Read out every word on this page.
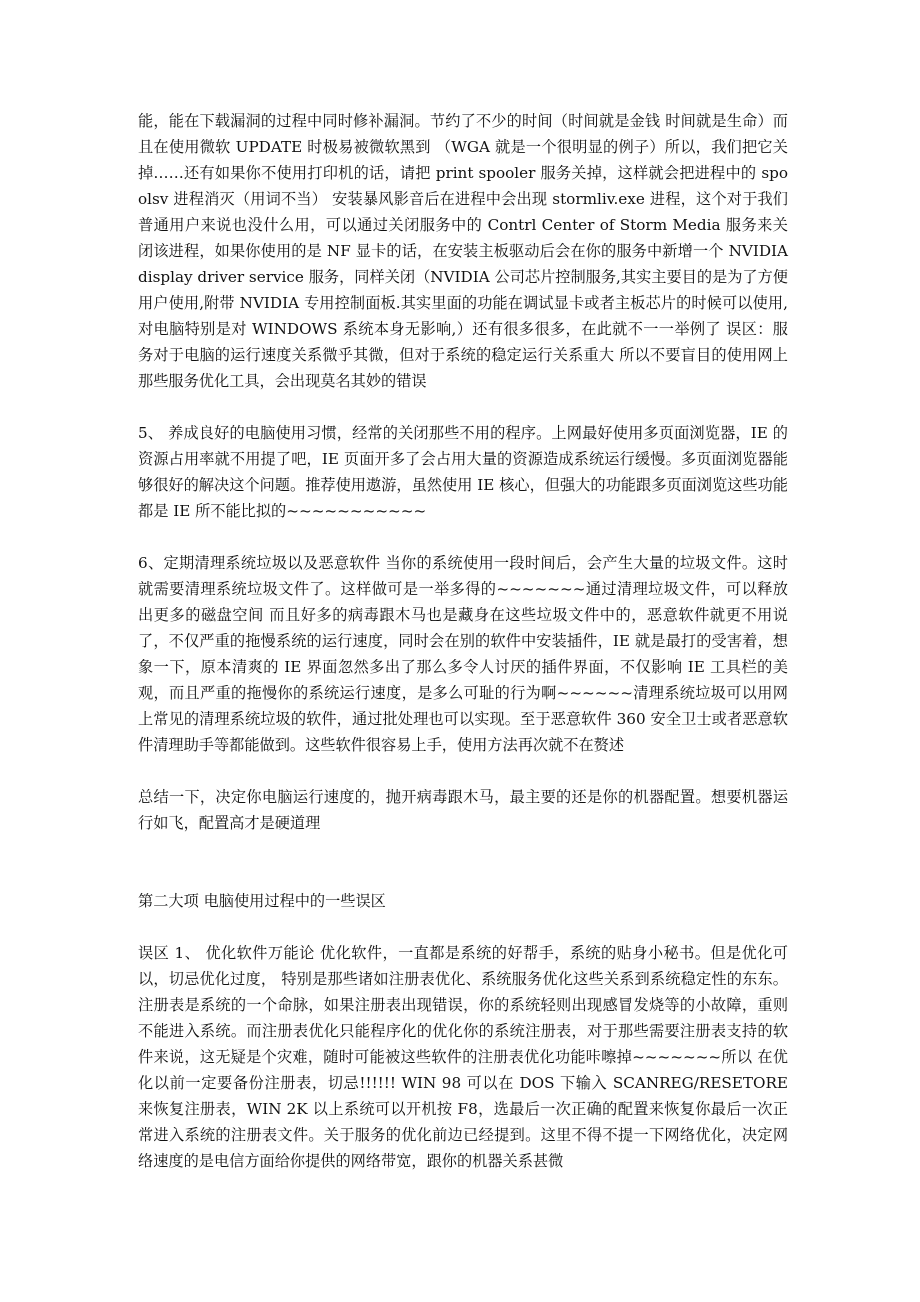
能，能在下载漏洞的过程中同时修补漏洞。节约了不少的时间（时间就是金钱 时间就是生命）而且在使用微软 UPDATE 时极易被微软黑到 （WGA 就是一个很明显的例子）所以，我们把它关掉……还有如果你不使用打印机的话，请把 print spooler 服务关掉，这样就会把进程中的 spoolsv 进程消灭（用词不当） 安装暴风影音后在进程中会出现 stormliv.exe 进程，这个对于我们普通用户来说也没什么用，可以通过关闭服务中的 Contrl Center of Storm Media 服务来关闭该进程，如果你使用的是 NF 显卡的话，在安装主板驱动后会在你的服务中新增一个 NVIDIA display driver service 服务，同样关闭（NVIDIA 公司芯片控制服务,其实主要目的是为了方便用户使用,附带 NVIDIA 专用控制面板.其实里面的功能在调试显卡或者主板芯片的时候可以使用,对电脑特别是对 WINDOWS 系统本身无影响,）还有很多很多，在此就不一一举例了 误区：服务对于电脑的运行速度关系微乎其微，但对于系统的稳定运行关系重大 所以不要盲目的使用网上那些服务优化工具，会出现莫名其妙的错误

5、 养成良好的电脑使用习惯，经常的关闭那些不用的程序。上网最好使用多页面浏览器，IE 的资源占用率就不用提了吧，IE 页面开多了会占用大量的资源造成系统运行缓慢。多页面浏览器能够很好的解决这个问题。推荐使用遨游，虽然使用 IE 核心，但强大的功能跟多页面浏览这些功能都是 IE 所不能比拟的~~~~~~~~~~~

6、定期清理系统垃圾以及恶意软件 当你的系统使用一段时间后，会产生大量的垃圾文件。这时就需要清理系统垃圾文件了。这样做可是一举多得的~~~~~~~通过清理垃圾文件，可以释放出更多的磁盘空间 而且好多的病毒跟木马也是藏身在这些垃圾文件中的，恶意软件就更不用说了，不仅严重的拖慢系统的运行速度，同时会在别的软件中安装插件，IE 就是最打的受害着，想象一下，原本清爽的 IE 界面忽然多出了那么多令人讨厌的插件界面，不仅影响 IE 工具栏的美观，而且严重的拖慢你的系统运行速度，是多么可耻的行为啊~~~~~~清理系统垃圾可以用网上常见的清理系统垃圾的软件，通过批处理也可以实现。至于恶意软件 360 安全卫士或者恶意软件清理助手等都能做到。这些软件很容易上手，使用方法再次就不在赘述

总结一下，决定你电脑运行速度的，抛开病毒跟木马，最主要的还是你的机器配置。想要机器运行如飞，配置高才是硬道理

第二大项 电脑使用过程中的一些误区

误区 1、 优化软件万能论 优化软件，一直都是系统的好帮手，系统的贴身小秘书。但是优化可以，切忌优化过度， 特别是那些诸如注册表优化、系统服务优化这些关系到系统稳定性的东东。注册表是系统的一个命脉，如果注册表出现错误，你的系统轻则出现感冒发烧等的小故障，重则不能进入系统。而注册表优化只能程序化的优化你的系统注册表，对于那些需要注册表支持的软件来说，这无疑是个灾难，随时可能被这些软件的注册表优化功能咔嚓掉~~~~~~~所以 在优化以前一定要备份注册表，切忌!!!!!! WIN 98 可以在 DOS 下输入 SCANREG/RESETORE 来恢复注册表，WIN 2K 以上系统可以开机按 F8，选最后一次正确的配置来恢复你最后一次正常进入系统的注册表文件。关于服务的优化前边已经提到。这里不得不提一下网络优化，决定网络速度的是电信方面给你提供的网络带宽，跟你的机器关系甚微
